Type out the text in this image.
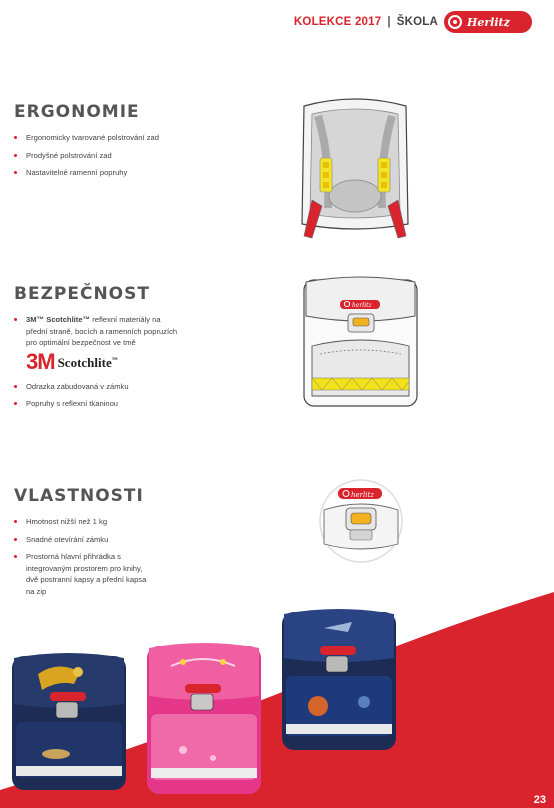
KOLEKCE 2017 | ŠKOLA	Herlitz
ERGONOMIE
Ergonomicky tvarované polstrování zad
Prodyšné polstrování zad
Nastavitelné ramenní popruhy
BEZPEČNOST
3M™ Scotchlite™ reflexní materiály na přední straně, bocích a ramenních popruzích pro optimální bezpečnost ve tmě
3M Scotchlite™
Odrazka zabudovaná v zámku
Popruhy s reflexní tkaninou
VLASTNOSTI
Hmotnost nižší než 1 kg
Snadné otevírání zámku
Prostorná hlavní přihrádka s integrovaným prostorem pro knihy, dvě postranní kapsy a přední kapsa na zip
herlitz
herlitz
23
